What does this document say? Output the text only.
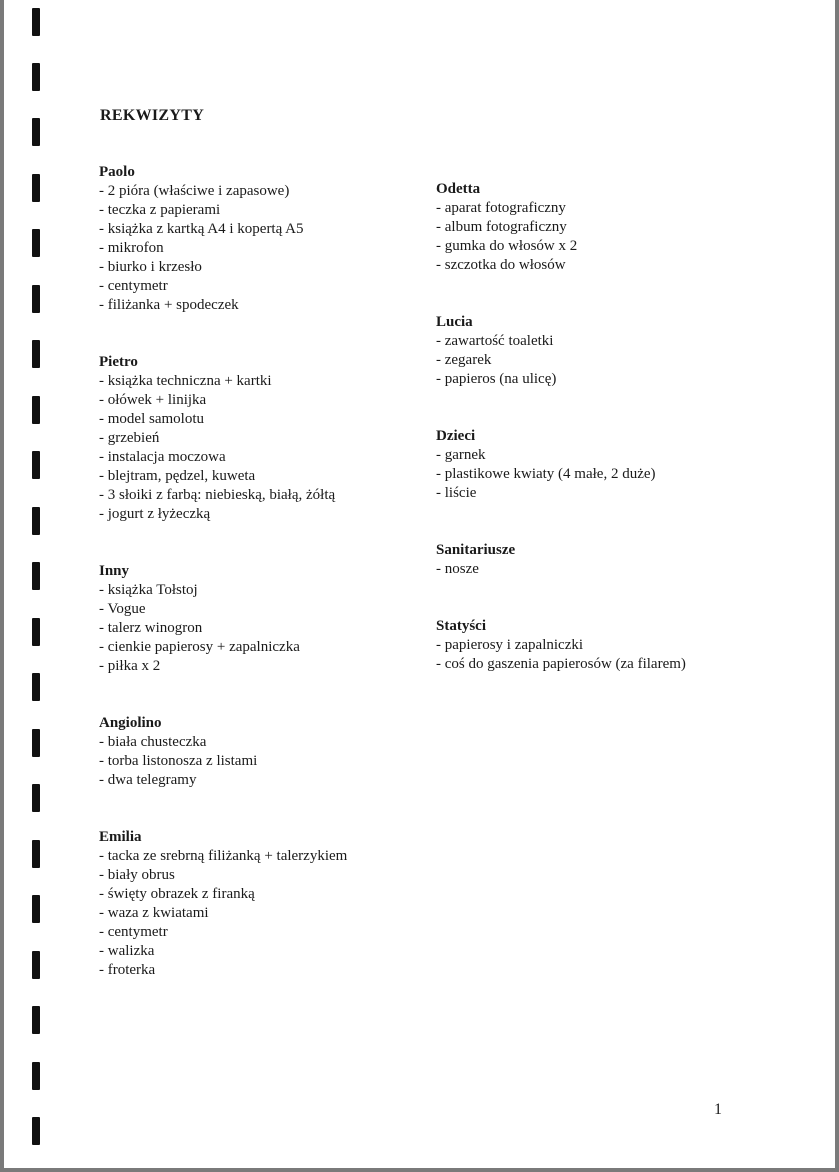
REKWIZYTY
Paolo
- 2 pióra (właściwe i zapasowe)
- teczka z papierami
- książka z kartką A4 i kopertą A5
- mikrofon
- biurko i krzesło
- centymetr
- filiżanka + spodeczek
Pietro
- książka techniczna + kartki
- ołówek + linijka
- model samolotu
- grzebień
- instalacja moczowa
- blejtram, pędzel, kuweta
- 3 słoiki z farbą: niebieską, białą, żółtą
- jogurt z łyżeczką
Inny
- książka Tołstoj
- Vogue
- talerz winogron
- cienkie papierosy + zapalniczka
- piłka x 2
Angiolino
- biała chusteczka
- torba listonosza z listami
- dwa telegramy
Emilia
- tacka ze srebrną filiżanką + talerzykiem
- biały obrus
- święty obrazek z firanką
- waza z kwiatami
- centymetr
- walizka
- froterka
Odetta
- aparat fotograficzny
- album fotograficzny
- gumka do włosów x 2
- szczotka do włosów
Lucia
- zawartość toaletki
- zegarek
- papieros (na ulicę)
Dzieci
- garnek
- plastikowe kwiaty (4 małe, 2 duże)
- liście
Sanitariusze
- nosze
Statyści
- papierosy i zapalniczki
- coś do gaszenia papierosów (za filarem)
1
